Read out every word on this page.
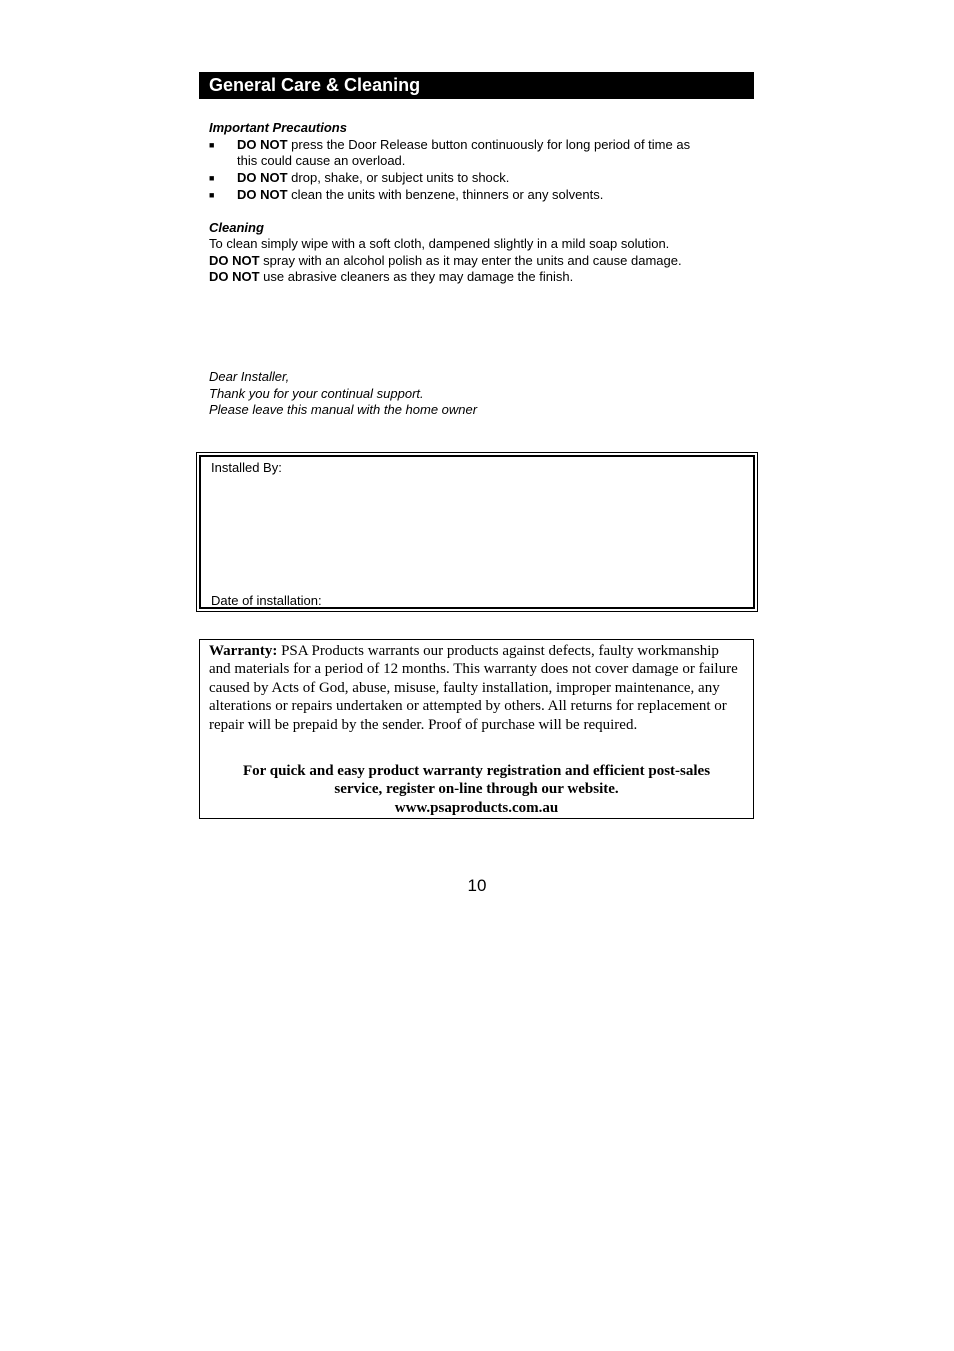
General Care & Cleaning
Important Precautions
■ DO NOT press the Door Release button continuously for long period of time as
this could cause an overload.
■ DO NOT drop, shake, or subject units to shock.
■ DO NOT clean the units with benzene, thinners or any solvents.
Cleaning
To clean simply wipe with a soft cloth, dampened slightly in a mild soap solution.
DO NOT spray with an alcohol polish as it may enter the units and cause damage.
DO NOT use abrasive cleaners as they may damage the finish.
Dear Installer,
Thank you for your continual support.
Please leave this manual with the home owner
Installed By:
Date of installation:
Warranty: PSA Products warrants our products against defects, faulty workmanship and materials for a period of 12 months. This warranty does not cover damage or failure caused by Acts of God, abuse, misuse, faulty installation, improper maintenance, any alterations or repairs undertaken or attempted by others. All returns for replacement or repair will be prepaid by the sender. Proof of purchase will be required.
For quick and easy product warranty registration and efficient post-sales
service, register on-line through our website.
www.psaproducts.com.au
10
